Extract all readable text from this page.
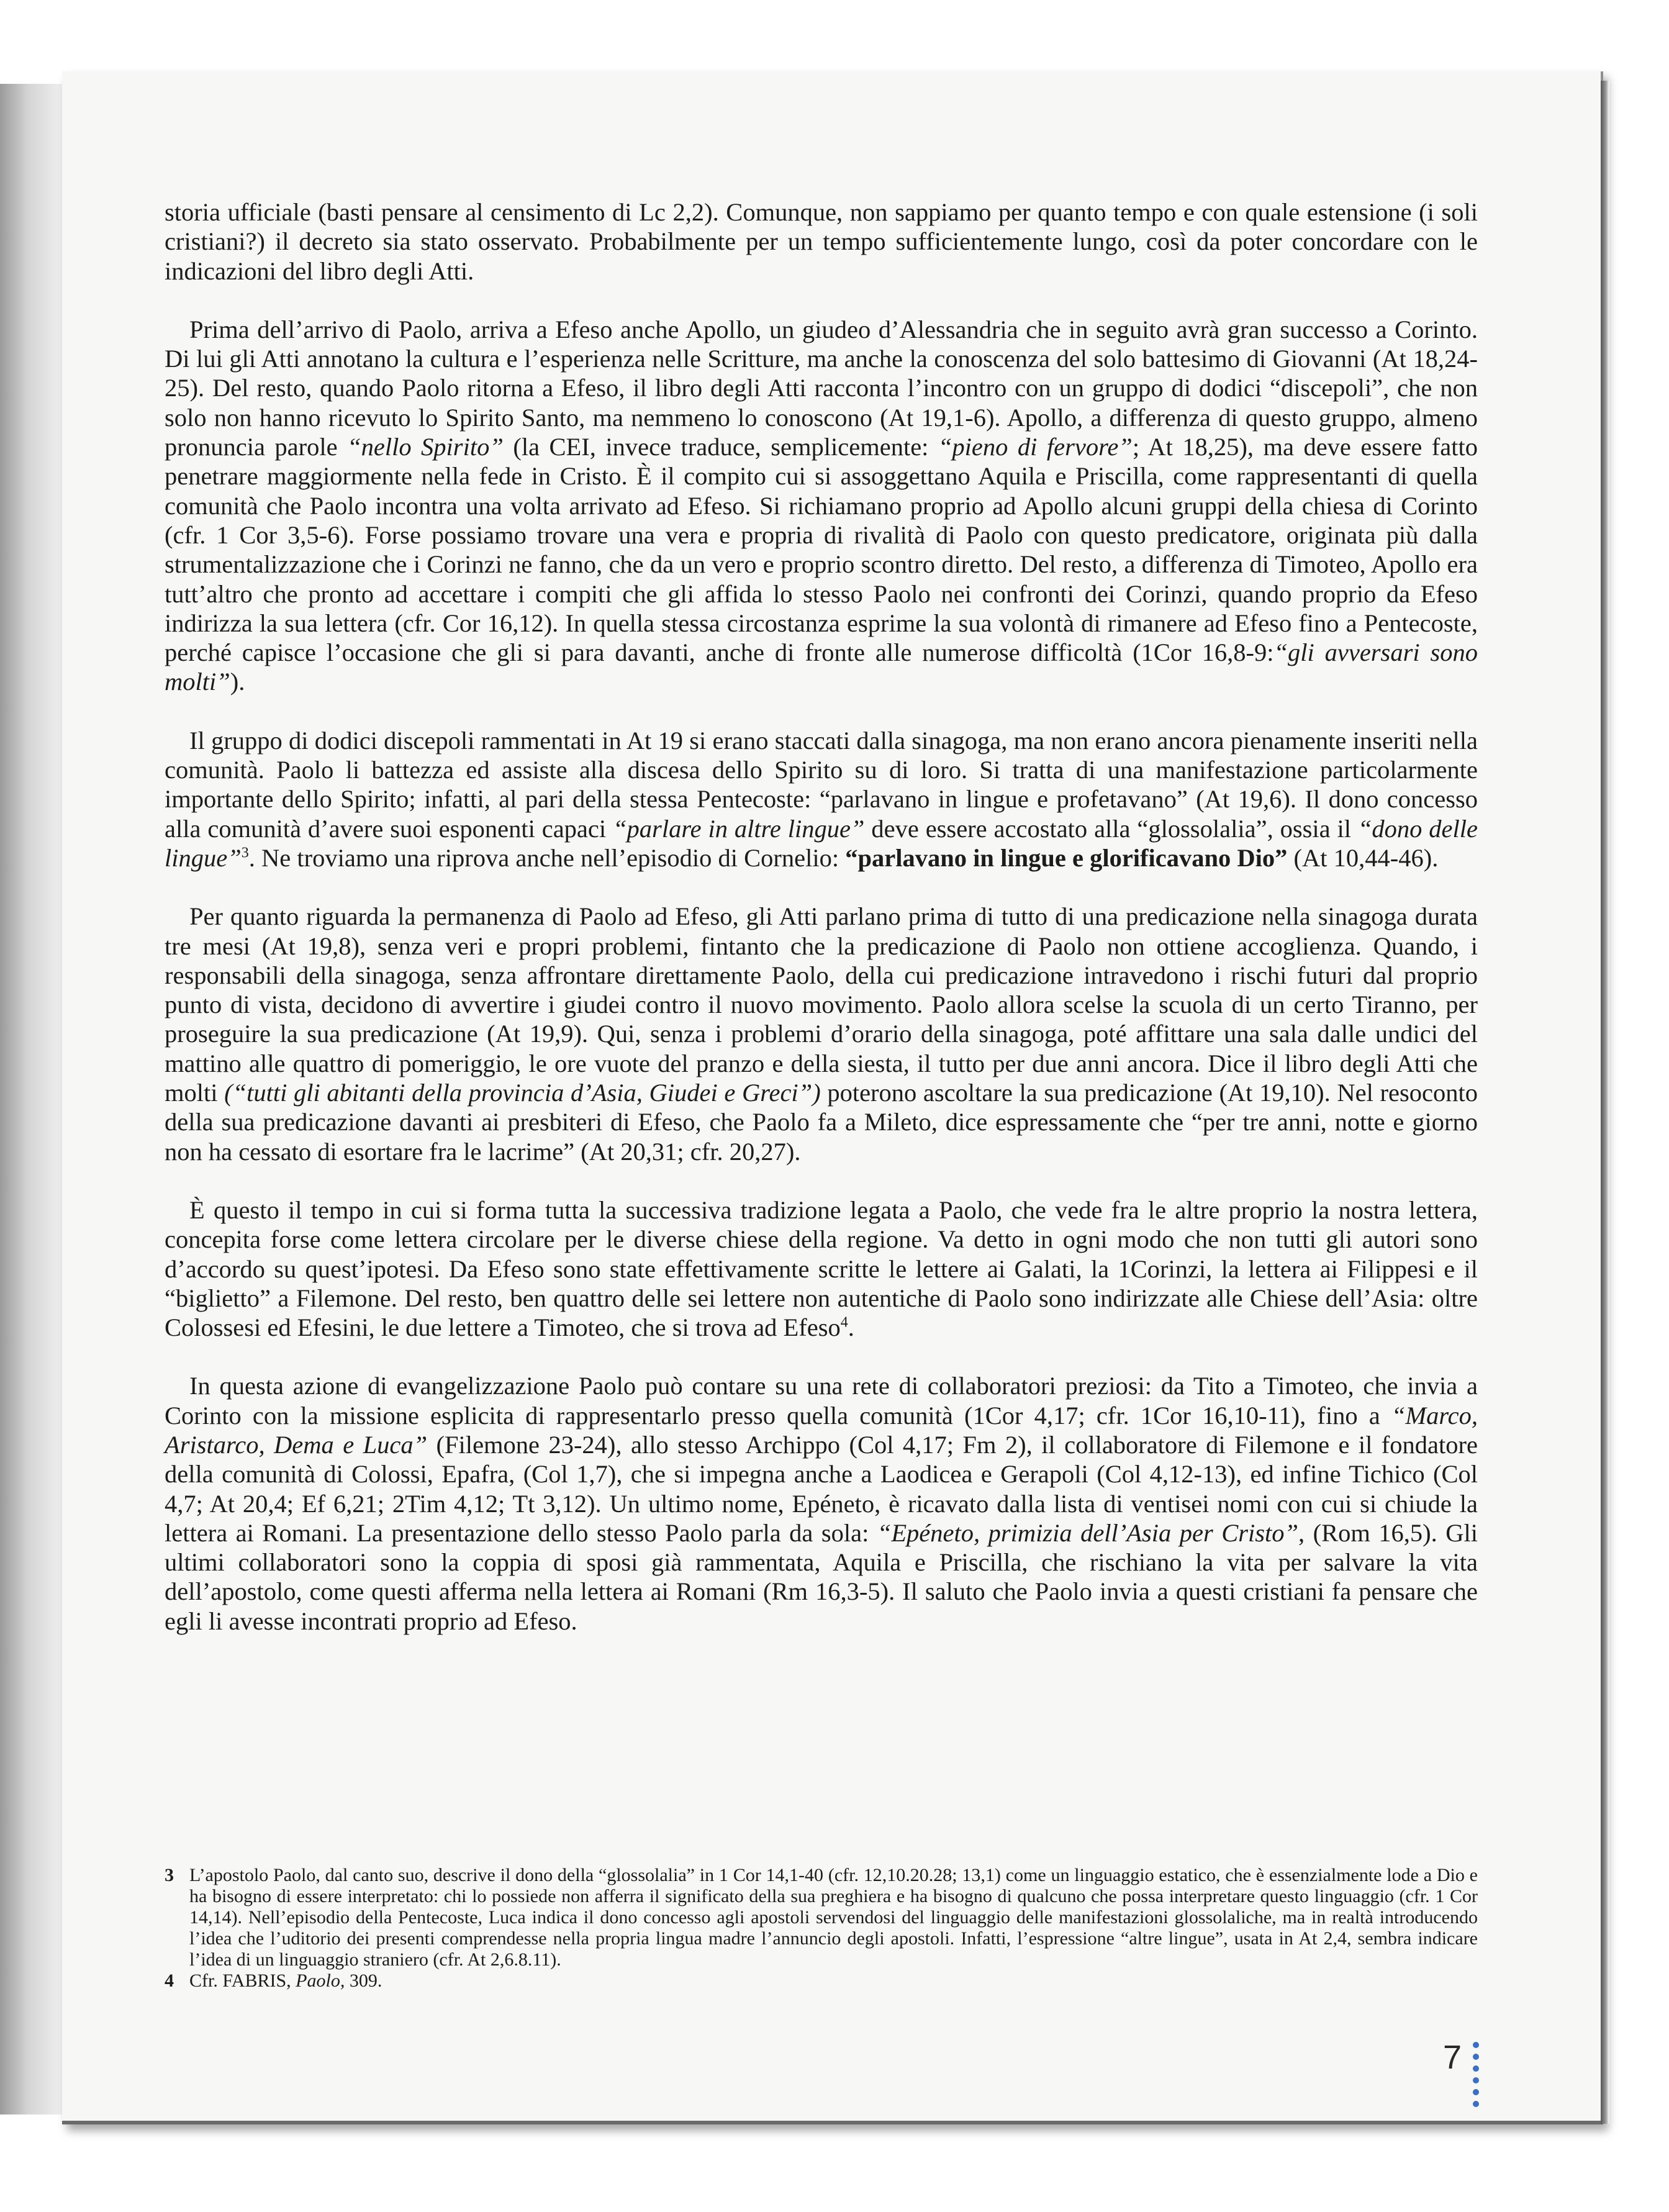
storia ufficiale (basti pensare al censimento di Lc 2,2). Comunque, non sappiamo per quanto tempo e con quale estensione (i soli cristiani?) il decreto sia stato osservato. Probabilmente per un tempo sufficientemente lungo, così da poter concordare con le indicazioni del libro degli Atti.

Prima dell’arrivo di Paolo, arriva a Efeso anche Apollo, un giudeo d’Alessandria che in seguito avrà gran successo a Corinto. Di lui gli Atti annotano la cultura e l’esperienza nelle Scritture, ma anche la conoscenza del solo battesimo di Giovanni (At 18,24-25). Del resto, quando Paolo ritorna a Efeso, il libro degli Atti racconta l’incontro con un gruppo di dodici “discepoli”, che non solo non hanno ricevuto lo Spirito Santo, ma nemmeno lo conoscono (At 19,1-6). Apollo, a differenza di questo gruppo, almeno pronuncia parole “nello Spirito” (la CEI, invece traduce, semplicemente: “pieno di fervore”; At 18,25), ma deve essere fatto penetrare maggiormente nella fede in Cristo. È il compito cui si assoggettano Aquila e Priscilla, come rappresentanti di quella comunità che Paolo incontra una volta arrivato ad Efeso. Si richiamano proprio ad Apollo alcuni gruppi della chiesa di Corinto (cfr. 1 Cor 3,5-6). Forse possiamo trovare una vera e propria di rivalità di Paolo con questo predicatore, originata più dalla strumentalizzazione che i Corinzi ne fanno, che da un vero e proprio scontro diretto. Del resto, a differenza di Timoteo, Apollo era tutt’altro che pronto ad accettare i compiti che gli affida lo stesso Paolo nei confronti dei Corinzi, quando proprio da Efeso indirizza la sua lettera (cfr. Cor 16,12). In quella stessa circostanza esprime la sua volontà di rimanere ad Efeso fino a Pentecoste, perché capisce l’occasione che gli si para davanti, anche di fronte alle numerose difficoltà (1Cor 16,8-9:“gli avversari sono molti”).

Il gruppo di dodici discepoli rammentati in At 19 si erano staccati dalla sinagoga, ma non erano ancora pienamente inseriti nella comunità. Paolo li battezza ed assiste alla discesa dello Spirito su di loro. Si tratta di una manifestazione particolarmente importante dello Spirito; infatti, al pari della stessa Pentecoste: “parlavano in lingue e profetavano” (At 19,6). Il dono concesso alla comunità d’avere suoi esponenti capaci “parlare in altre lingue” deve essere accostato alla “glossolalia”, ossia il “dono delle lingue”$^3$. Ne troviamo una riprova anche nell’episodio di Cornelio: “parlavano in lingue e glorificavano Dio” (At 10,44-46).

Per quanto riguarda la permanenza di Paolo ad Efeso, gli Atti parlano prima di tutto di una predicazione nella sinagoga durata tre mesi (At 19,8), senza veri e propri problemi, fintanto che la predicazione di Paolo non ottiene accoglienza. Quando, i responsabili della sinagoga, senza affrontare direttamente Paolo, della cui predicazione intravedono i rischi futuri dal proprio punto di vista, decidono di avvertire i giudei contro il nuovo movimento. Paolo allora scelse la scuola di un certo Tiranno, per proseguire la sua predicazione (At 19,9). Qui, senza i problemi d’orario della sinagoga, poté affittare una sala dalle undici del mattino alle quattro di pomeriggio, le ore vuote del pranzo e della siesta, il tutto per due anni ancora. Dice il libro degli Atti che molti (“tutti gli abitanti della provincia d’Asia, Giudei e Greci”) poterono ascoltare la sua predicazione (At 19,10). Nel resoconto della sua predicazione davanti ai presbiteri di Efeso, che Paolo fa a Mileto, dice espressamente che “per tre anni, notte e giorno non ha cessato di esortare fra le lacrime” (At 20,31; cfr. 20,27).

È questo il tempo in cui si forma tutta la successiva tradizione legata a Paolo, che vede fra le altre proprio la nostra lettera, concepita forse come lettera circolare per le diverse chiese della regione. Va detto in ogni modo che non tutti gli autori sono d’accordo su quest’ipotesi. Da Efeso sono state effettivamente scritte le lettere ai Galati, la 1Corinzi, la lettera ai Filippesi e il “biglietto” a Filemone. Del resto, ben quattro delle sei lettere non autentiche di Paolo sono indirizzate alle Chiese dell’Asia: oltre Colossesi ed Efesini, le due lettere a Timoteo, che si trova ad Efeso$^4$.

In questa azione di evangelizzazione Paolo può contare su una rete di collaboratori preziosi: da Tito a Timoteo, che invia a Corinto con la missione esplicita di rappresentarlo presso quella comunità (1Cor 4,17; cfr. 1Cor 16,10-11), fino a “Marco, Aristarco, Dema e Luca” (Filemone 23-24), allo stesso Archippo (Col 4,17; Fm 2), il collaboratore di Filemone e il fondatore della comunità di Colossi, Epafra, (Col 1,7), che si impegna anche a Laodicea e Gerapoli (Col 4,12-13), ed infine Tichico (Col 4,7; At 20,4; Ef 6,21; 2Tim 4,12; Tt 3,12). Un ultimo nome, Epéneto, è ricavato dalla lista di ventisei nomi con cui si chiude la lettera ai Romani. La presentazione dello stesso Paolo parla da sola: “Epéneto, primizia dell’Asia per Cristo”, (Rom 16,5). Gli ultimi collaboratori sono la coppia di sposi già rammentata, Aquila e Priscilla, che rischiano la vita per salvare la vita dell’apostolo, come questi afferma nella lettera ai Romani (Rm 16,3-5). Il saluto che Paolo invia a questi cristiani fa pensare che egli li avesse incontrati proprio ad Efeso.

3 L’apostolo Paolo, dal canto suo, descrive il dono della “glossolalia” in 1 Cor 14,1-40 (cfr. 12,10.20.28; 13,1) come un linguaggio estatico, che è essenzialmente lode a Dio e ha bisogno di essere interpretato: chi lo possiede non afferra il significato della sua preghiera e ha bisogno di qualcuno che possa interpretare questo linguaggio (cfr. 1 Cor 14,14). Nell’episodio della Pentecoste, Luca indica il dono concesso agli apostoli servendosi del linguaggio delle manifestazioni glossolaliche, ma in realtà introducendo l’idea che l’uditorio dei presenti comprendesse nella propria lingua madre l’annuncio degli apostoli. Infatti, l’espressione “altre lingue”, usata in At 2,4, sembra indicare l’idea di un linguaggio straniero (cfr. At 2,6.8.11).
4 Cfr. FABRIS, Paolo, 309.
7
